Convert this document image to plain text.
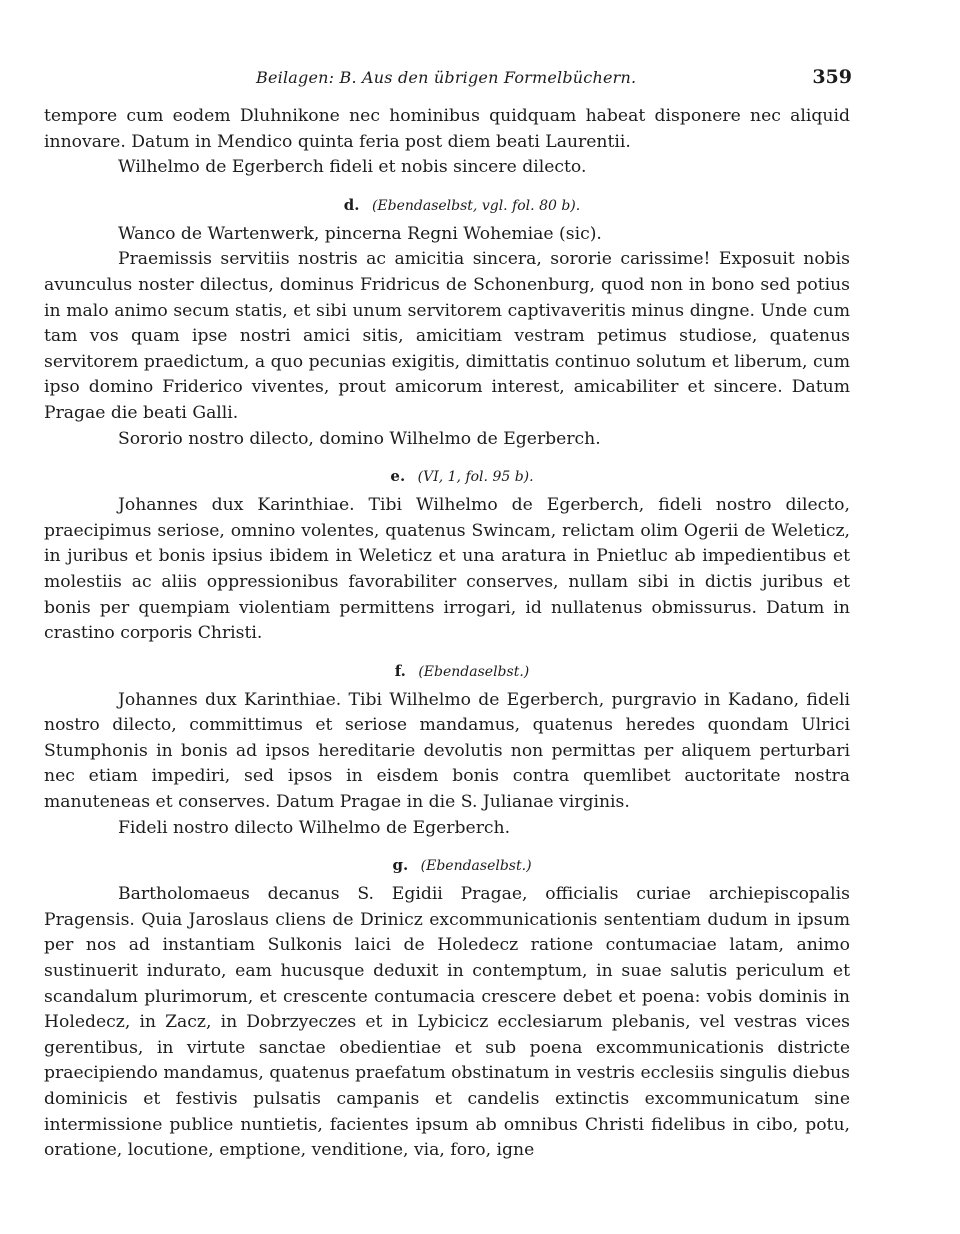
Beilagen: B. Aus den übrigen Formelbüchern.	359

tempore cum eodem Dluhnikone nec hominibus quidquam habeat disponere nec aliquid innovare. Datum in Mendico quinta feria post diem beati Laurentii.

Wilhelmo de Egerberch fideli et nobis sincere dilecto.

d. (Ebendaselbst, vgl. fol. 80 b).

Wanco de Wartenwerk, pincerna Regni Wohemiae (sic).

Praemissis servitiis nostris ac amicitia sincera, sororie carissime! Exposuit nobis avunculus noster dilectus, dominus Fridricus de Schonenburg, quod non in bono sed potius in malo animo secum statis, et sibi unum servitorem captivaveritis minus dingne. Unde cum tam vos quam ipse nostri amici sitis, amicitiam vestram petimus studiose, quatenus servitorem praedictum, a quo pecunias exigitis, dimittatis continuo solutum et liberum, cum ipso domino Friderico viventes, prout amicorum interest, amicabiliter et sincere. Datum Pragae die beati Galli.

Sororio nostro dilecto, domino Wilhelmo de Egerberch.

e. (VI, 1, fol. 95 b).

Johannes dux Karinthiae. Tibi Wilhelmo de Egerberch, fideli nostro dilecto, praecipimus seriose, omnino volentes, quatenus Swincam, relictam olim Ogerii de Weleticz, in juribus et bonis ipsius ibidem in Weleticz et una aratura in Pnietluc ab impedientibus et molestiis ac aliis oppressionibus favorabiliter conserves, nullam sibi in dictis juribus et bonis per quempiam violentiam permittens irrogari, id nullatenus obmissurus. Datum in crastino corporis Christi.

f. (Ebendaselbst.)

Johannes dux Karinthiae. Tibi Wilhelmo de Egerberch, purgravio in Kadano, fideli nostro dilecto, committimus et seriose mandamus, quatenus heredes quondam Ulrici Stumphonis in bonis ad ipsos hereditarie devolutis non permittas per aliquem perturbari nec etiam impediri, sed ipsos in eisdem bonis contra quemlibet auctoritate nostra manuteneas et conserves. Datum Pragae in die S. Julianae virginis.

Fideli nostro dilecto Wilhelmo de Egerberch.

g. (Ebendaselbst.)

Bartholomaeus decanus S. Egidii Pragae, officialis curiae archiepiscopalis Pragensis. Quia Jaroslaus cliens de Drinicz excommunicationis sententiam dudum in ipsum per nos ad instantiam Sulkonis laici de Holedecz ratione contumaciae latam, animo sustinuerit indurato, eam hucusque deduxit in contemptum, in suae salutis periculum et scandalum plurimorum, et crescente contumacia crescere debet et poena: vobis dominis in Holedecz, in Zacz, in Dobrzyeczes et in Lybicicz ecclesiarum plebanis, vel vestras vices gerentibus, in virtute sanctae obedientiae et sub poena excommunicationis districte praecipiendo mandamus, quatenus praefatum obstinatum in vestris ecclesiis singulis diebus dominicis et festivis pulsatis campanis et candelis extinctis excommunicatum sine intermissione publice nuntietis, facientes ipsum ab omnibus Christi fidelibus in cibo, potu, oratione, locutione, emptione, venditione, via, foro, igne
